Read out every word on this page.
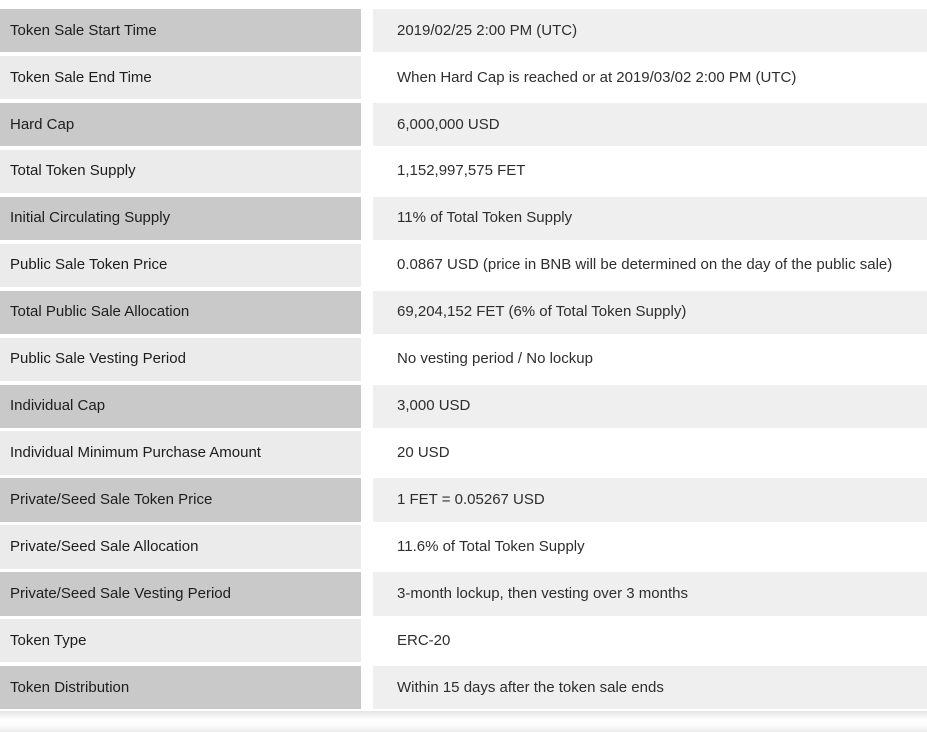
Token Sale Start Time	2019/02/25 2:00 PM (UTC)
Token Sale End Time	When Hard Cap is reached or at 2019/03/02 2:00 PM (UTC)
Hard Cap	6,000,000 USD
Total Token Supply	1,152,997,575 FET
Initial Circulating Supply	11% of Total Token Supply
Public Sale Token Price	0.0867 USD (price in BNB will be determined on the day of the public sale)
Total Public Sale Allocation	69,204,152 FET (6% of Total Token Supply)
Public Sale Vesting Period	No vesting period / No lockup
Individual Cap	3,000 USD
Individual Minimum Purchase Amount	20 USD
Private/Seed Sale Token Price	1 FET = 0.05267 USD
Private/Seed Sale Allocation	11.6% of Total Token Supply
Private/Seed Sale Vesting Period	3-month lockup, then vesting over 3 months
Token Type	ERC-20
Token Distribution	Within 15 days after the token sale ends
